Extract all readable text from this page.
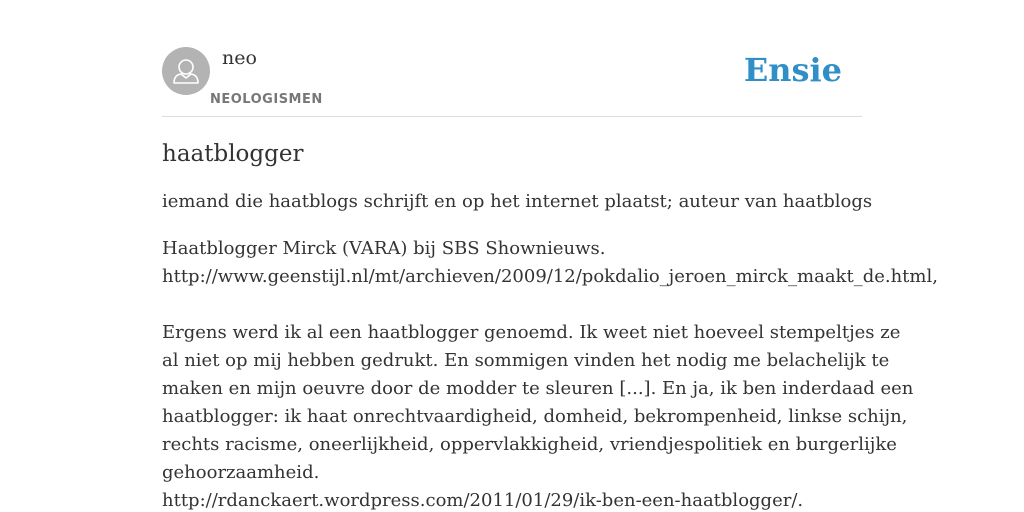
neo
NEOLOGISMEN
Ensie
haatblogger

iemand die haatblogs schrijft en op het internet plaatst; auteur van haatblogs

Haatblogger Mirck (VARA) bij SBS Shownieuws.
http://www.geenstijl.nl/mt/archieven/2009/12/pokdalio_jeroen_mirck_maakt_de.html,
Ergens werd ik al een haatblogger genoemd. Ik weet niet hoeveel stempeltjes ze
al niet op mij hebben gedrukt. En sommigen vinden het nodig me belachelijk te
maken en mijn oeuvre door de modder te sleuren [...]. En ja, ik ben inderdaad een
haatblogger: ik haat onrechtvaardigheid, domheid, bekrompenheid, linkse schijn,
rechts racisme, oneerlijkheid, oppervlakkigheid, vriendjespolitiek en burgerlijke
gehoorzaamheid.
http://rdanckaert.wordpress.com/2011/01/29/ik-ben-een-haatblogger/.
